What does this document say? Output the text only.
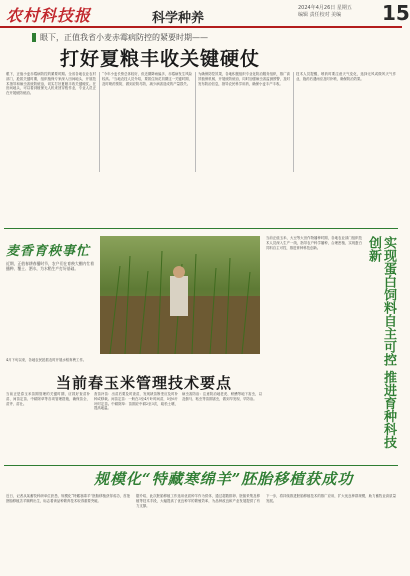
农村科技报	科学种养
2024年4月26日 星期五
编辑 责任校对 美编	15
眼下，正值我省小麦赤霉病防控的紧要时期——
打好夏粮丰收关键硬仗
眼下，正值小麦赤霉病防控的紧要时期。全省各地农业农村部门，抢抓关键时期，组织植保专家深入田间地头，开展技术指导和病虫害统防统治，切实打好夏粮丰收关键硬仗。在田间地头，可以看到植保无人机来回穿梭作业，专业人员正在开展统防统治。
“今年小麦长势总体较好，但近期降雨偏多，赤霉病发生风险较高。”当地农技人员介绍，要抓住扬花初期这一关键时期，及时喷药预防，做到应防尽防，减少病害造成的产量损失。
为确保防控效果，各地积极组织专业化防治服务组织，推广高效植保机械，开展统防统治，同时加强病虫害监测预警，及时发布防治信息，指导农民科学用药，确保小麦丰产丰收。
技术人员提醒，喷药时要注意天气变化，选择无风或微风天气作业，施药后遇雨应及时补喷，确保防治效果。
麦香育秧事忙
近期，正值春耕春播时节，农户们在育秧大棚内忙着播种、覆土、洒水，为水稻生产打好基础。
4月下旬以来，各地农民抢抓农时开展水稻育秧工作。
当前正值玉米、大豆等大田作物播种时期，各地农业部门组织技术人员深入生产一线，指导农户科学播种，合理密植，实现蛋白饲料自主可控，推进育种科技创新。	实现蛋白饲料自主可控 推进育种科技创新
当前春玉米管理技术要点
当前正是春玉米苗期管理的关键时期，应抓好查苗补苗、间苗定苗、中耕除草等各项管理措施，确保苗全、苗齐、苗壮。
查苗补苗：出苗后要及时查苗，发现缺苗断垄应及时补种或移栽。间苗定苗：一般在3至4片叶时间苗，5至6片叶时定苗。中耕除草：苗期应中耕2至3次，疏松土壤，提高地温。
病虫害防治：注意防治地老虎、蛴螬等地下害虫，以及蓟马、粘虫等苗期害虫，做到早发现、早防治。
规模化“特藏寒绵羊”胚胎移植获成功
近日，记者从某畜牧科研单位获悉，规模化“特藏寒绵羊”胚胎移植获得成功，首批胚胎移植羔羊顺利出生，标志着该品种繁育技术取得重要突破。
据介绍，此次胚胎移植工作选用优质种羊作为供体，通过超数排卵、胚胎采集及移植等技术手段，大幅提高了优良种羊的繁殖效率，为品种改良和产业发展提供了有力支撑。
下一步，将持续推进胚胎移植技术的推广应用，扩大优良种群规模，助力畜牧业高质量发展。
